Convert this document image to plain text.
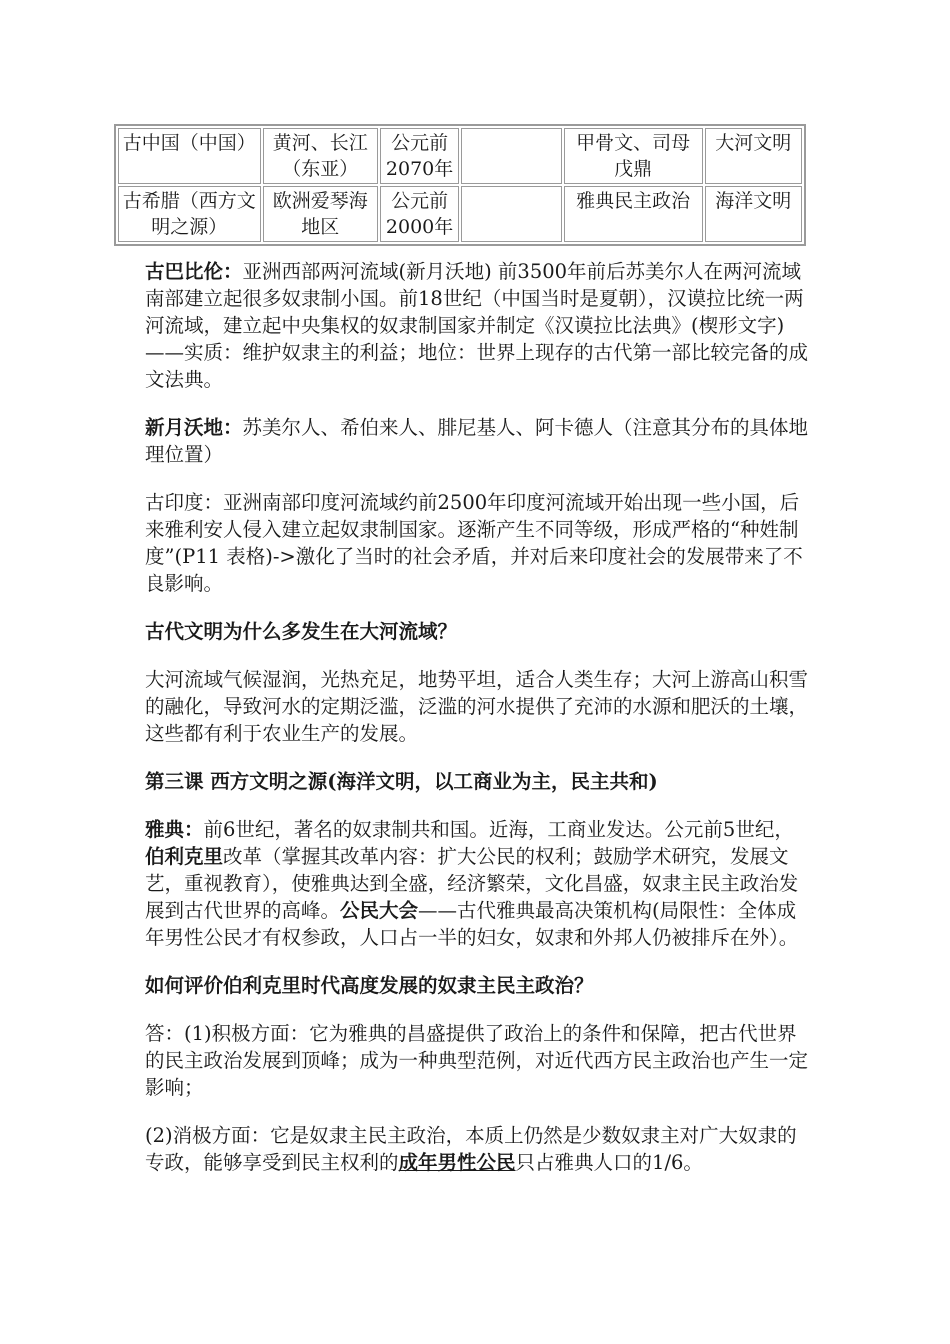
古中国（中国）	黄河、长江（东亚）	公元前2070年		甲骨文、司母戊鼎	大河文明
古希腊（西方文明之源）	欧洲爱琴海地区	公元前2000年		雅典民主政治	海洋文明

古巴比伦：亚洲西部两河流域(新月沃地) 前3500年前后苏美尔人在两河流域南部建立起很多奴隶制小国。前18世纪（中国当时是夏朝），汉谟拉比统一两河流域，建立起中央集权的奴隶制国家并制定《汉谟拉比法典》(楔形文字)——实质：维护奴隶主的利益；地位：世界上现存的古代第一部比较完备的成文法典。

新月沃地：苏美尔人、希伯来人、腓尼基人、阿卡德人（注意其分布的具体地理位置）

古印度：亚洲南部印度河流域约前2500年印度河流域开始出现一些小国，后来雅利安人侵入建立起奴隶制国家。逐渐产生不同等级，形成严格的“种姓制度”(P11 表格)->激化了当时的社会矛盾，并对后来印度社会的发展带来了不良影响。

古代文明为什么多发生在大河流域？

大河流域气候湿润，光热充足，地势平坦，适合人类生存；大河上游高山积雪的融化，导致河水的定期泛滥，泛滥的河水提供了充沛的水源和肥沃的土壤，这些都有利于农业生产的发展。

第三课 西方文明之源(海洋文明，以工商业为主，民主共和)

雅典：前6世纪，著名的奴隶制共和国。近海，工商业发达。公元前5世纪，伯利克里改革（掌握其改革内容：扩大公民的权利；鼓励学术研究，发展文艺，重视教育），使雅典达到全盛，经济繁荣，文化昌盛，奴隶主民主政治发展到古代世界的高峰。公民大会——古代雅典最高决策机构(局限性：全体成年男性公民才有权参政，人口占一半的妇女，奴隶和外邦人仍被排斥在外）。

如何评价伯利克里时代高度发展的奴隶主民主政治？

答：(1)积极方面：它为雅典的昌盛提供了政治上的条件和保障，把古代世界的民主政治发展到顶峰；成为一种典型范例，对近代西方民主政治也产生一定影响；

(2)消极方面：它是奴隶主民主政治，本质上仍然是少数奴隶主对广大奴隶的专政，能够享受到民主权利的成年男性公民只占雅典人口的1/6。
